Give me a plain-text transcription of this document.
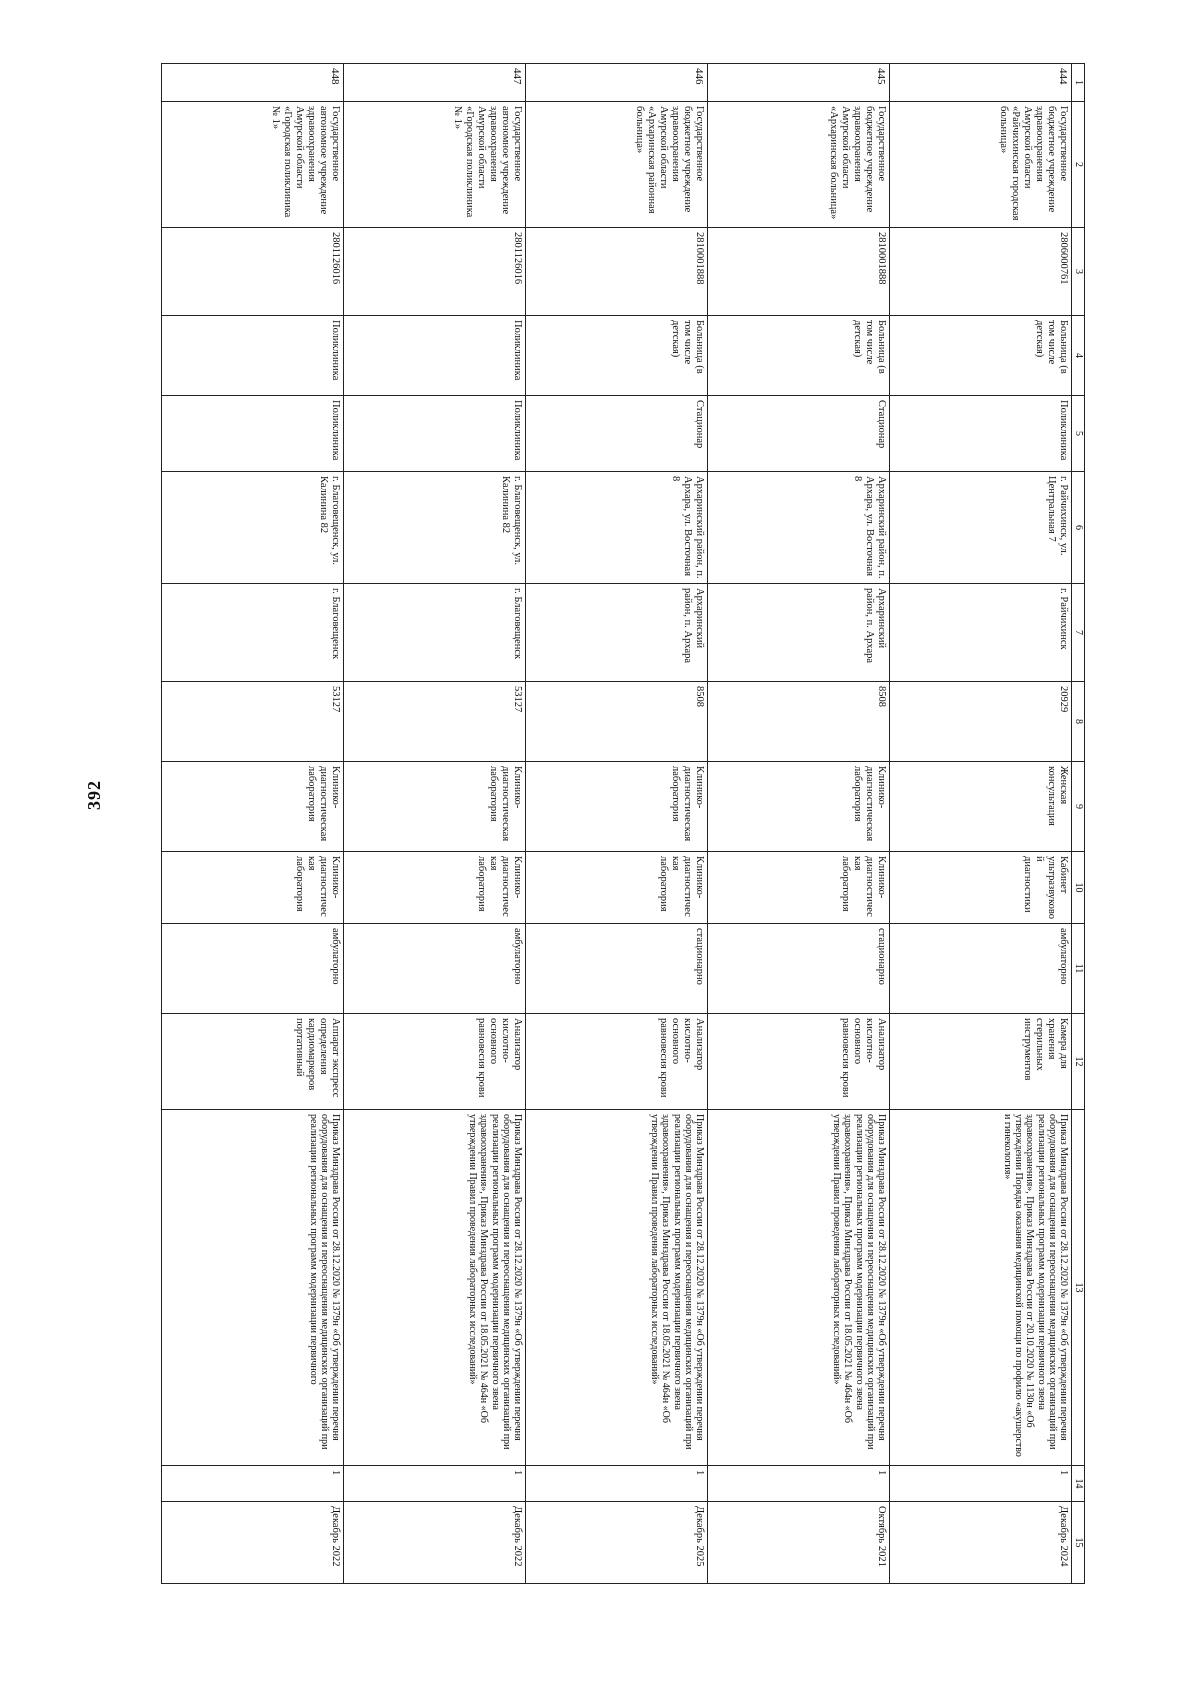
392
1	2	3	4	5	6	7	8	9	10	11	12	13	14	15
444	Государственное бюджетное учреждение здравоохранения Амурской области «Райчихинская городская больница»	2806000761	Больница (в том числе детская)	Поликлиника	г. Райчихинск, ул. Центральная 7	г. Райчихинск	20929	Женская консультация	Кабинет ультразвуковой диагностики	амбулаторно	Камера для хранения стерильных инструментов	Приказ Минздрава России от 28.12.2020 № 1379н «Об утверждении перечня оборудования для оснащения и переоснащения медицинских организаций при реализации региональных программ модернизации первичного звена здравоохранения», Приказ Минздрава России от 20.10.2020 № 1130н «Об утверждении Порядка оказания медицинской помощи по профилю «акушерство и гинекология»	1	Декабрь 2024
445	Государственное бюджетное учреждение здравоохранения Амурской области «Архаринская больница»	2810001888	Больница (в том числе детская)	Стационар	Архаринский район, п. Архара, ул. Восточная 8	Архаринский район, п. Архара	8508	Клинико-диагностическая лаборатория	Клинико-диагностическая лаборатория	стационарно	Анализатор кислотно-основного равновесия крови	Приказ Минздрава России от 28.12.2020 № 1379н «Об утверждении перечня оборудования для оснащения и переоснащения медицинских организаций при реализации региональных программ модернизации первичного звена здравоохранения», Приказ Минздрава России от 18.05.2021 № 464н «Об утверждении Правил проведения лабораторных исследований»	1	Октябрь 2021
446	Государственное бюджетное учреждение здравоохранения Амурской области «Архаринская районная больница»	2810001888	Больница (в том числе детская)	Стационар	Архаринский район, п. Архара, ул. Восточная 8	Архаринский район, п. Архара	8508	Клинико-диагностическая лаборатория	Клинико-диагностическая лаборатория	стационарно	Анализатор кислотно-основного равновесия крови	Приказ Минздрава России от 28.12.2020 № 1379н «Об утверждении перечня оборудования для оснащения и переоснащения медицинских организаций при реализации региональных программ модернизации первичного звена здравоохранения», Приказ Минздрава России от 18.05.2021 № 464н «Об утверждении Правил проведения лабораторных исследований»	1	Декабрь 2025
447	Государственное автономное учреждение здравоохранения Амурской области «Городская поликлиника № 1»	2801126016	Поликлиника	Поликлиника	г. Благовещенск, ул. Калинина 82	г. Благовещенск	53127	Клинико-диагностическая лаборатория	Клинико-диагностическая лаборатория	амбулаторно	Анализатор кислотно-основного равновесия крови	Приказ Минздрава России от 28.12.2020 № 1379н «Об утверждении перечня оборудования для оснащения и переоснащения медицинских организаций при реализации региональных программ модернизации первичного звена здравоохранения», Приказ Минздрава России от 18.05.2021 № 464н «Об утверждении Правил проведения лабораторных исследований»	1	Декабрь 2022
448	Государственное автономное учреждение здравоохранения Амурской области «Городская поликлиника № 1»	2801126016	Поликлиника	Поликлиника	г. Благовещенск, ул. Калинина 82	г. Благовещенск	53127	Клинико-диагностическая лаборатория	Клинико-диагностическая лаборатория	амбулаторно	Аппарат экспресс определения кардиомаркеров портативный	Приказ Минздрава России от 28.12.2020 № 1379н «Об утверждении перечня оборудования для оснащения и переоснащения медицинских организаций при реализации региональных программ модернизации первичного	1	Декабрь 2022
